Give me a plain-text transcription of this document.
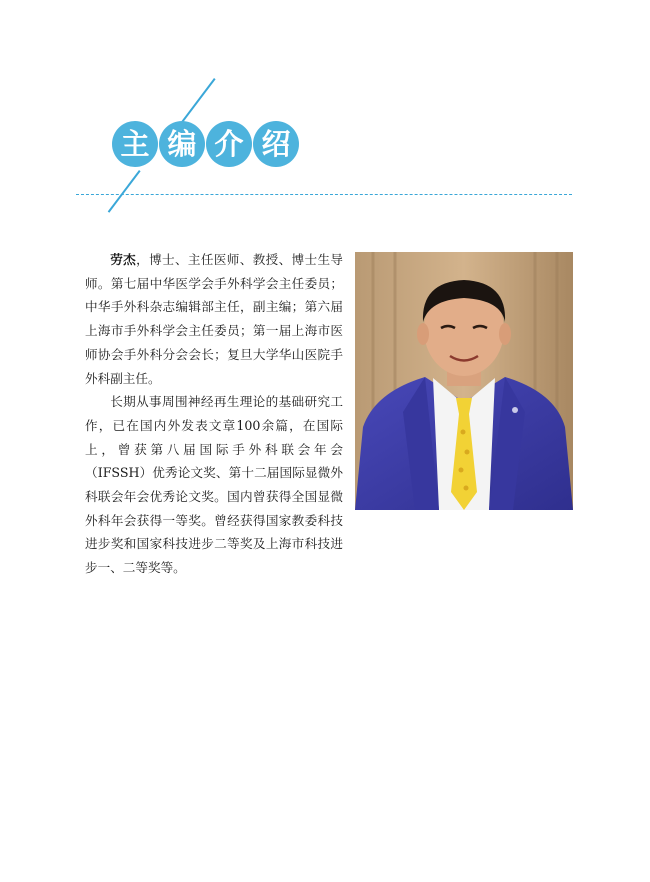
主 编 介 绍

劳杰，博士、主任医师、教授、博士生导师。第七届中华医学会手外科学会主任委员；中华手外科杂志编辑部主任，副主编；第六届上海市手外科学会主任委员；第一届上海市医师协会手外科分会会长；复旦大学华山医院手外科副主任。

长期从事周围神经再生理论的基础研究工作，已在国内外发表文章100余篇，在国际上，曾获第八届国际手外科联会年会（IFSSH）优秀论文奖、第十二届国际显微外科联会年会优秀论文奖。国内曾获得全国显微外科年会获得一等奖。曾经获得国家教委科技进步奖和国家科技进步二等奖及上海市科技进步一、二等奖等。
